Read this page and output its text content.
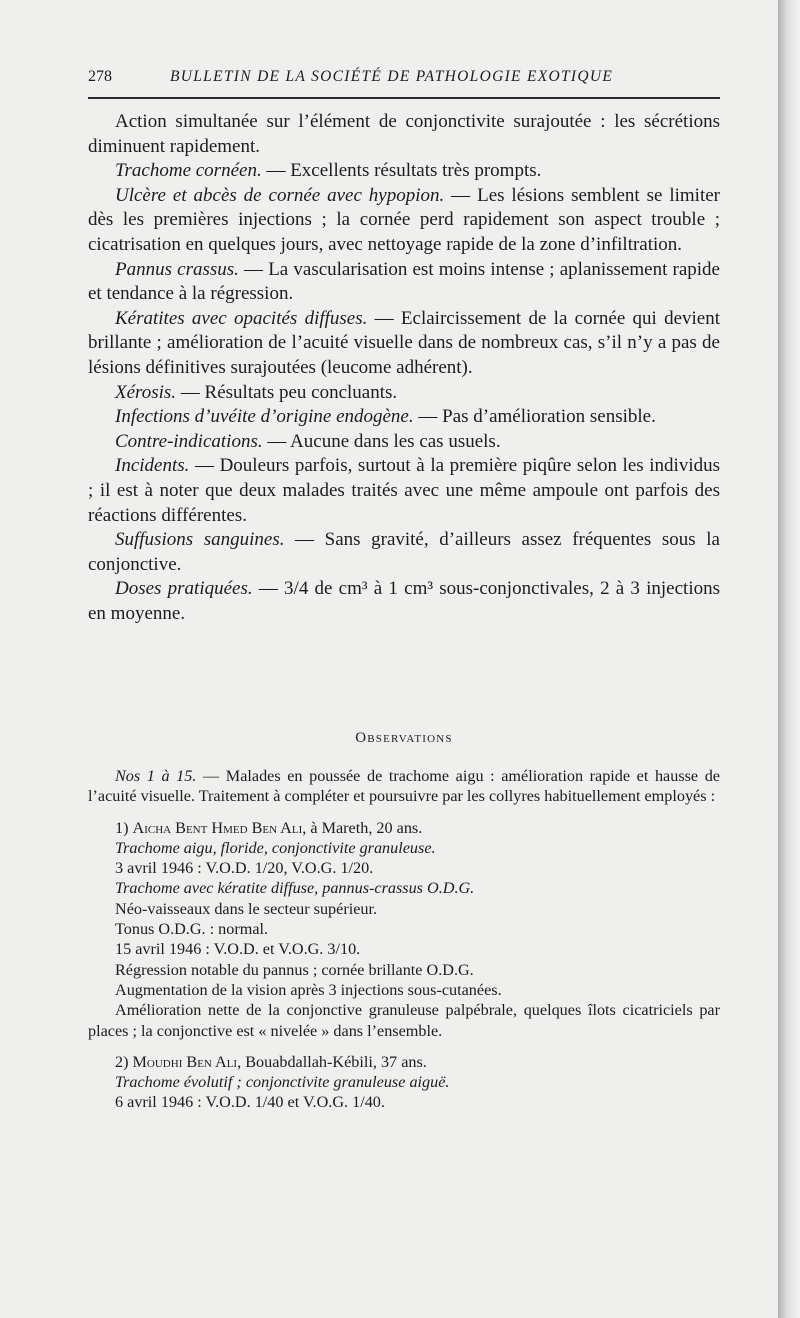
278	BULLETIN DE LA SOCIÉTÉ DE PATHOLOGIE EXOTIQUE

Action simultanée sur l’élément de conjonctivite surajoutée : les sécrétions diminuent rapidement.

Trachome cornéen. — Excellents résultats très prompts.

Ulcère et abcès de cornée avec hypopion. — Les lésions semblent se limiter dès les premières injections ; la cornée perd rapidement son aspect trouble ; cicatrisation en quelques jours, avec nettoyage rapide de la zone d’infiltration.

Pannus crassus. — La vascularisation est moins intense ; aplanissement rapide et tendance à la régression.

Kératites avec opacités diffuses. — Eclaircissement de la cornée qui devient brillante ; amélioration de l’acuité visuelle dans de nombreux cas, s’il n’y a pas de lésions définitives surajoutées (leucome adhérent).

Xérosis. — Résultats peu concluants.

Infections d’uvéite d’origine endogène. — Pas d’amélioration sensible.

Contre-indications. — Aucune dans les cas usuels.

Incidents. — Douleurs parfois, surtout à la première piqûre selon les individus ; il est à noter que deux malades traités avec une même ampoule ont parfois des réactions différentes.

Suffusions sanguines. — Sans gravité, d’ailleurs assez fréquentes sous la conjonctive.

Doses pratiquées. — 3/4 de cm³ à 1 cm³ sous-conjonctivales, 2 à 3 injections en moyenne.

Observations

Nos 1 à 15. — Malades en poussée de trachome aigu : amélioration rapide et hausse de l’acuité visuelle. Traitement à compléter et poursuivre par les collyres habituellement employés :

1) Aicha Bent Hmed Ben Ali, à Mareth, 20 ans.

Trachome aigu, floride, conjonctivite granuleuse.

3 avril 1946 : V.O.D. 1/20, V.O.G. 1/20.

Trachome avec kératite diffuse, pannus-crassus O.D.G.

Néo-vaisseaux dans le secteur supérieur.

Tonus O.D.G. : normal.

15 avril 1946 : V.O.D. et V.O.G. 3/10.

Régression notable du pannus ; cornée brillante O.D.G.

Augmentation de la vision après 3 injections sous-cutanées.

Amélioration nette de la conjonctive granuleuse palpébrale, quelques îlots cicatriciels par places ; la conjonctive est « nivelée » dans l’ensemble.

2) Moudhi Ben Ali, Bouabdallah-Kébili, 37 ans.

Trachome évolutif ; conjonctivite granuleuse aiguë.

6 avril 1946 : V.O.D. 1/40 et V.O.G. 1/40.
